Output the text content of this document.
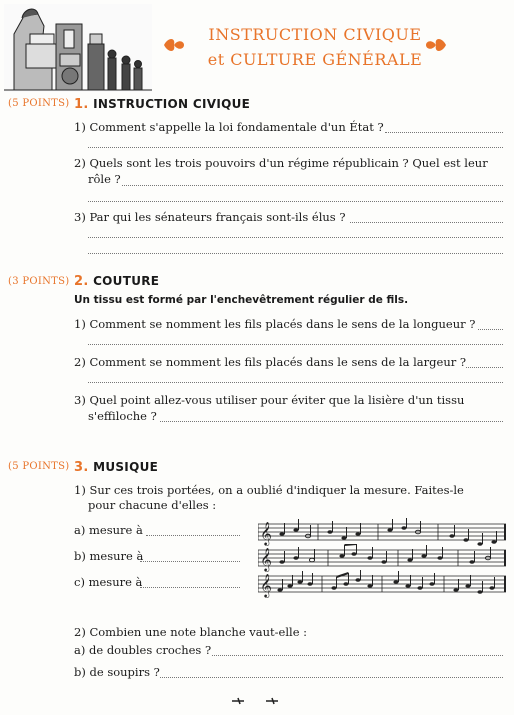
INSTRUCTION CIVIQUE
et CULTURE GÉNÉRALE
(5 POINTS) 1. INSTRUCTION CIVIQUE
1) Comment s'appelle la loi fondamentale d'un État ?
2) Quels sont les trois pouvoirs d'un régime républicain ? Quel est leur
rôle ?
3) Par qui les sénateurs français sont-ils élus ?
(3 POINTS) 2. COUTURE
Un tissu est formé par l'enchevêtrement régulier de fils.
1) Comment se nomment les fils placés dans le sens de la longueur ?
2) Comment se nomment les fils placés dans le sens de la largeur ?
3) Quel point allez-vous utiliser pour éviter que la lisière d'un tissu
s'effiloche ?
(5 POINTS) 3. MUSIQUE
1) Sur ces trois portées, on a oublié d'indiquer la mesure. Faites-le
pour chacune d'elles :
a) mesure à
b) mesure à
c) mesure à
𝄞
𝄞
𝄞
2) Combien une note blanche vaut-elle :
a) de doubles croches ?
b) de soupirs ?
